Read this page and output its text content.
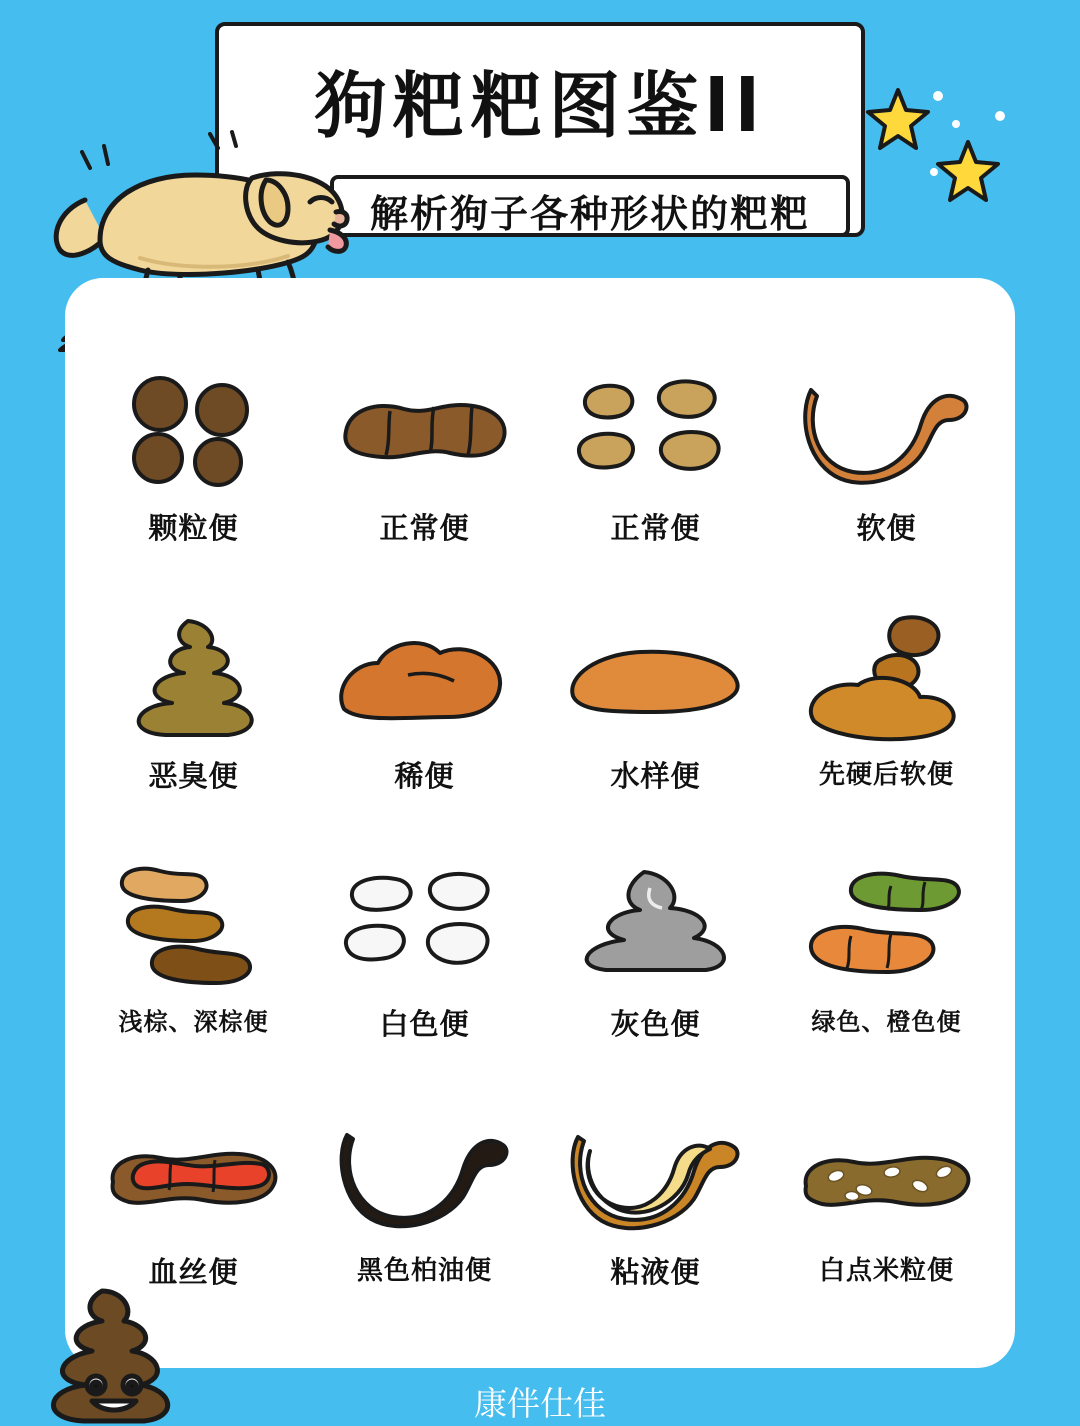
狗粑粑图鉴ll
解析狗子各种形状的粑粑
颗粒便	正常便	正常便	软便
恶臭便	稀便	水样便	先硬后软便
浅棕、深棕便	白色便	灰色便	绿色、橙色便
血丝便	黑色柏油便	粘液便	白点米粒便
康伴仕佳
